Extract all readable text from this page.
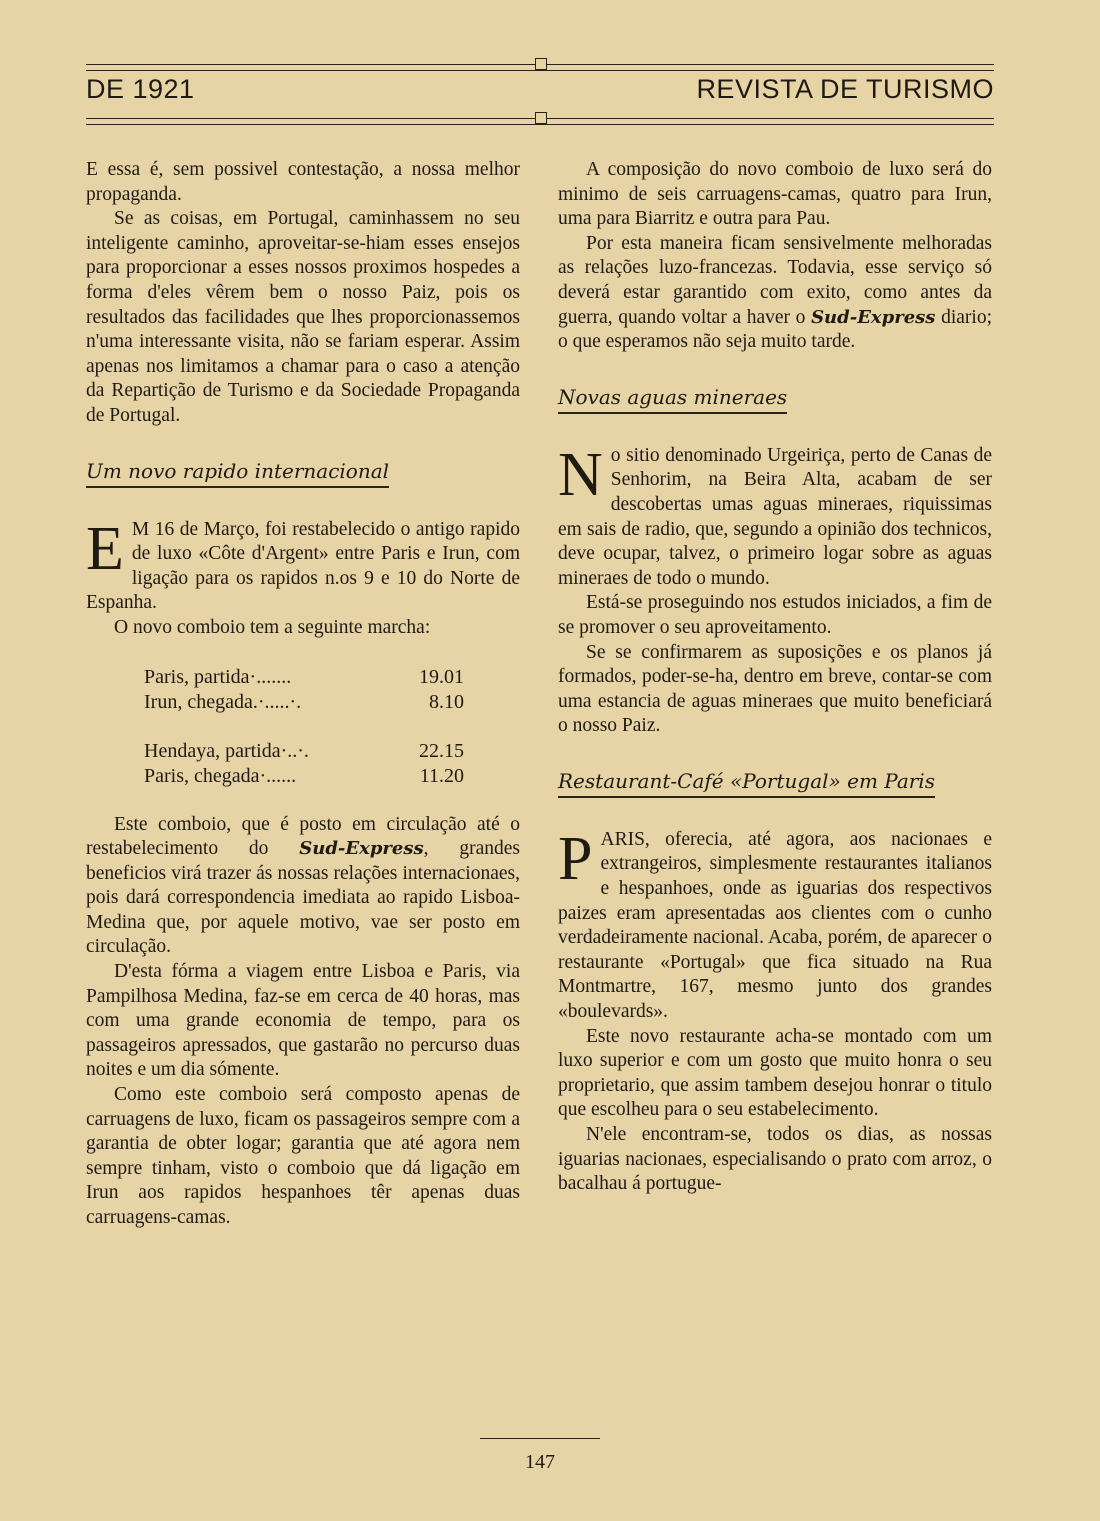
DE 1921	REVISTA DE TURISMO

E essa é, sem possivel contestação, a nossa melhor propaganda.

Se as coisas, em Portugal, caminhassem no seu inteligente caminho, aproveitar-se-hiam esses ensejos para proporcionar a esses nossos proximos hospedes a forma d'eles vêrem bem o nosso Paiz, pois os resultados das facilidades que lhes proporcionassemos n'uma interessante visita, não se fariam esperar. Assim apenas nos limitamos a chamar para o caso a atenção da Repartição de Turismo e da Sociedade Propaganda de Portugal.

Um novo rapido internacional

E M 16 de Março, foi restabelecido o antigo rapido de luxo «Côte d'Argent» entre Paris e Irun, com ligação para os rapidos n.os 9 e 10 do Norte de Espanha.

O novo comboio tem a seguinte marcha:

Paris, partida·.......	19.01
Irun, chegada.·.....·.	8.10
Hendaya, partida·..·.	22.15
Paris, chegada·......	11.20

Este comboio, que é posto em circulação até o restabelecimento do Sud-Express, grandes beneficios virá trazer ás nossas relações internacionaes, pois dará correspondencia imediata ao rapido Lisboa-Medina que, por aquele motivo, vae ser posto em circulação.

D'esta fórma a viagem entre Lisboa e Paris, via Pampilhosa Medina, faz-se em cerca de 40 horas, mas com uma grande economia de tempo, para os passageiros apressados, que gastarão no percurso duas noites e um dia sómente.

Como este comboio será composto apenas de carruagens de luxo, ficam os passageiros sempre com a garantia de obter logar; garantia que até agora nem sempre tinham, visto o comboio que dá ligação em Irun aos rapidos hespanhoes têr apenas duas carruagens-camas.

A composição do novo comboio de luxo será do minimo de seis carruagens-camas, quatro para Irun, uma para Biarritz e outra para Pau.

Por esta maneira ficam sensivelmente melhoradas as relações luzo-francezas. Todavia, esse serviço só deverá estar garantido com exito, como antes da guerra, quando voltar a haver o Sud-Express diario; o que esperamos não seja muito tarde.

Novas aguas mineraes

No sitio denominado Urgeiriça, perto de Canas de Senhorim, na Beira Alta, acabam de ser descobertas umas aguas mineraes, riquissimas em sais de radio, que, segundo a opinião dos technicos, deve ocupar, talvez, o primeiro logar sobre as aguas mineraes de todo o mundo.

Está-se proseguindo nos estudos iniciados, a fim de se promover o seu aproveitamento.

Se se confirmarem as suposições e os planos já formados, poder-se-ha, dentro em breve, contar-se com uma estancia de aguas mineraes que muito beneficiará o nosso Paiz.

Restaurant-Café «Portugal» em Paris

PARIS, oferecia, até agora, aos nacionaes e extrangeiros, simplesmente restaurantes italianos e hespanhoes, onde as iguarias dos respectivos paizes eram apresentadas aos clientes com o cunho verdadeiramente nacional. Acaba, porém, de aparecer o restaurante «Portugal» que fica situado na Rua Montmartre, 167, mesmo junto dos grandes «boulevards».

Este novo restaurante acha-se montado com um luxo superior e com um gosto que muito honra o seu proprietario, que assim tambem desejou honrar o titulo que escolheu para o seu estabelecimento.

N'ele encontram-se, todos os dias, as nossas iguarias nacionaes, especialisando o prato com arroz, o bacalhau á portugue-

147
